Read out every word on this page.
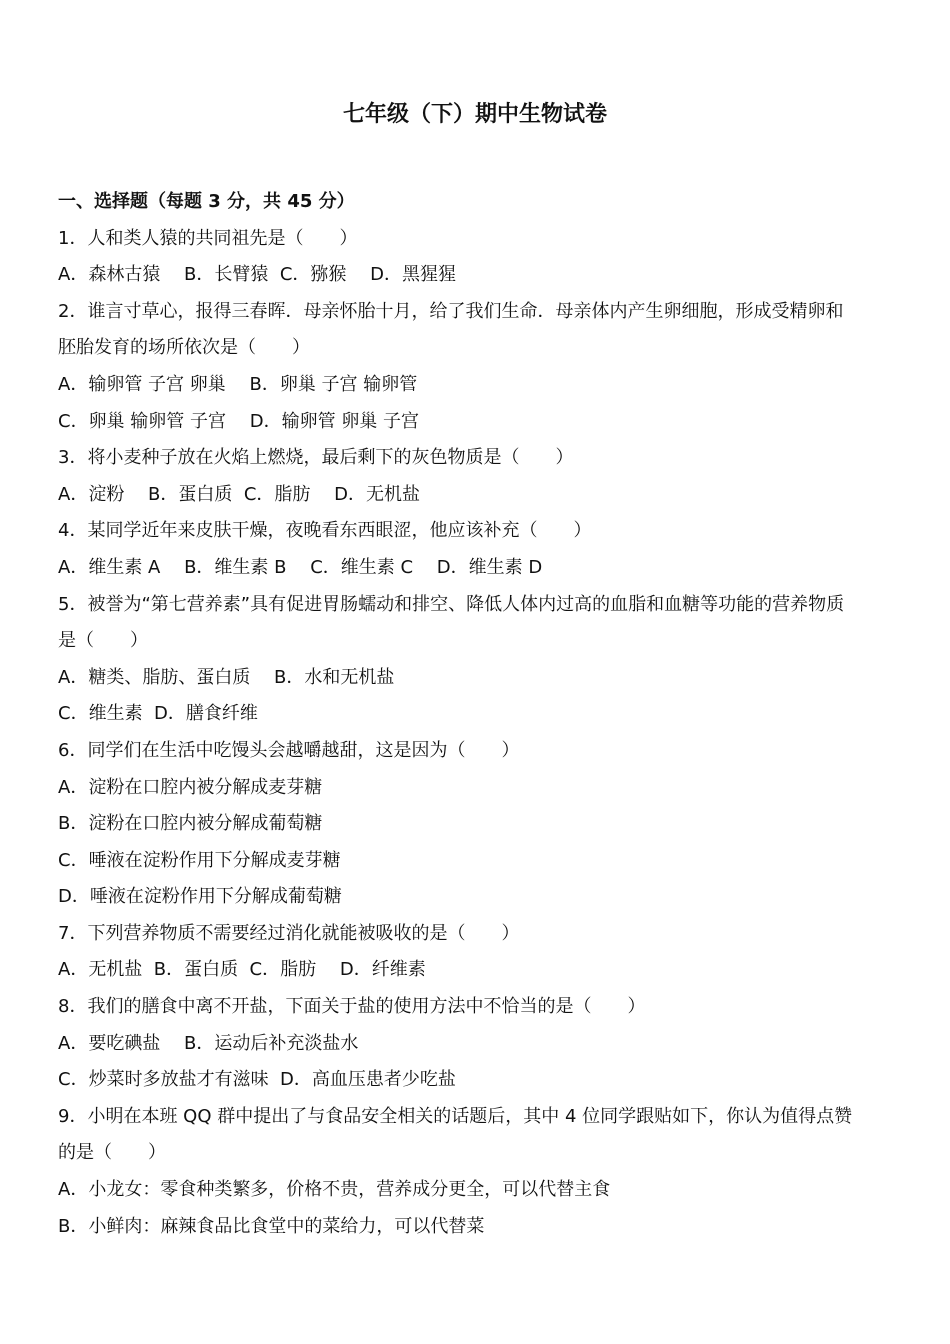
七年级（下）期中生物试卷
一、选择题（每题 3 分，共 45 分）
1．人和类人猿的共同祖先是（　　）
A．森林古猿　 B．长臂猿  C．猕猴　 D．黑猩猩
2．谁言寸草心，报得三春晖．母亲怀胎十月，给了我们生命．母亲体内产生卵细胞，形成受精卵和
胚胎发育的场所依次是（　　）
A．输卵管 子宫 卵巢　 B．卵巢 子宫 输卵管
C．卵巢 输卵管 子宫　 D．输卵管 卵巢 子宫
3．将小麦种子放在火焰上燃烧，最后剩下的灰色物质是（　　）
A．淀粉　 B．蛋白质  C．脂肪　 D．无机盐
4．某同学近年来皮肤干燥，夜晚看东西眼涩，他应该补充（　　）
A．维生素 A　 B．维生素 B　 C．维生素 C　 D．维生素 D
5．被誉为“第七营养素”具有促进胃肠蠕动和排空、降低人体内过高的血脂和血糖等功能的营养物质
是（　　）
A．糖类、脂肪、蛋白质　 B．水和无机盐
C．维生素  D．膳食纤维
6．同学们在生活中吃馒头会越嚼越甜，这是因为（　　）
A．淀粉在口腔内被分解成麦芽糖
B．淀粉在口腔内被分解成葡萄糖
C．唾液在淀粉作用下分解成麦芽糖
D．唾液在淀粉作用下分解成葡萄糖
7．下列营养物质不需要经过消化就能被吸收的是（　　）
A．无机盐  B．蛋白质  C．脂肪　 D．纤维素
8．我们的膳食中离不开盐，下面关于盐的使用方法中不恰当的是（　　）
A．要吃碘盐　 B．运动后补充淡盐水
C．炒菜时多放盐才有滋味  D．高血压患者少吃盐
9．小明在本班 QQ 群中提出了与食品安全相关的话题后，其中 4 位同学跟贴如下，你认为值得点赞
的是（　　）
A．小龙女：零食种类繁多，价格不贵，营养成分更全，可以代替主食
B．小鲜肉：麻辣食品比食堂中的菜给力，可以代替菜
